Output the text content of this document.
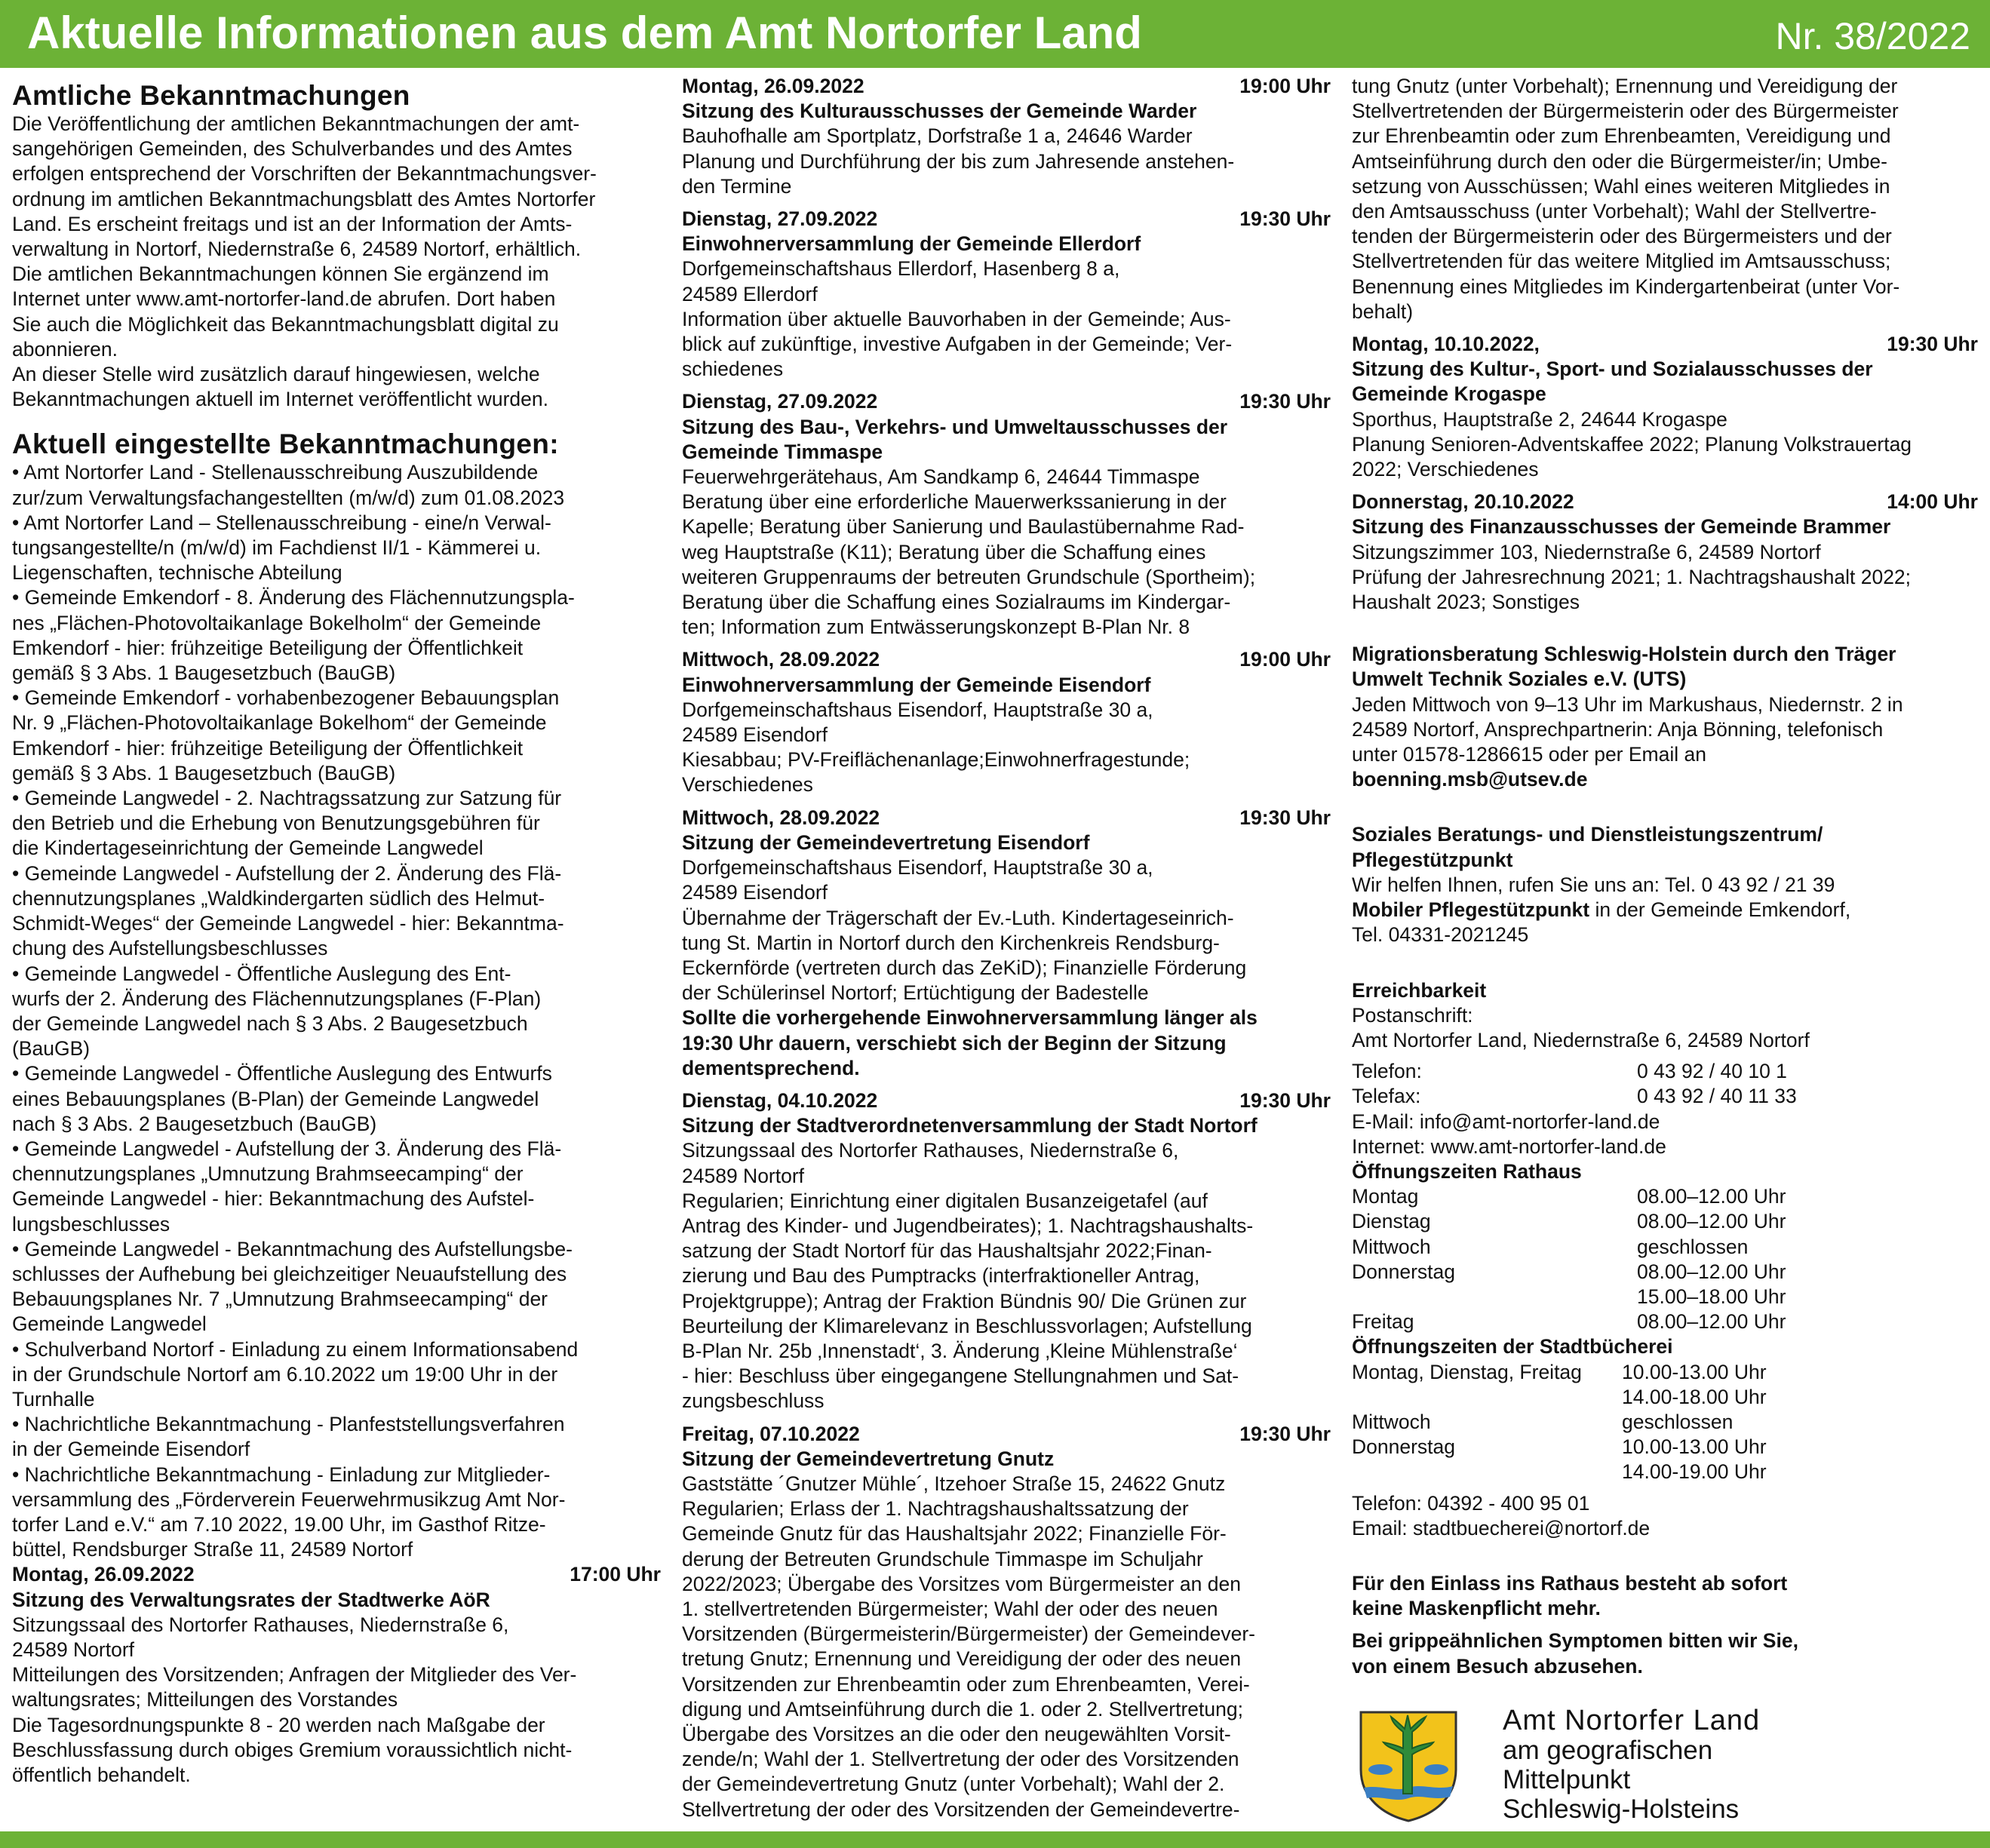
Aktuelle Informationen aus dem Amt Nortorfer Land	Nr. 38/2022
Amtliche Bekanntmachungen
Die Veröffentlichung der amtlichen Bekanntmachungen der amt-
sangehörigen Gemeinden, des Schulverbandes und des Amtes
erfolgen entsprechend der Vorschriften der Bekanntmachungsver-
ordnung im amtlichen Bekanntmachungsblatt des Amtes Nortorfer
Land. Es erscheint freitags und ist an der Information der Amts-
verwaltung in Nortorf, Niedernstraße 6, 24589 Nortorf, erhältlich.
Die amtlichen Bekanntmachungen können Sie ergänzend im
Internet unter www.amt-nortorfer-land.de abrufen. Dort haben
Sie auch die Möglichkeit das Bekanntmachungsblatt digital zu
abonnieren.
An dieser Stelle wird zusätzlich darauf hingewiesen, welche
Bekanntmachungen aktuell im Internet veröffentlicht wurden.
Aktuell eingestellte Bekanntmachungen:
• Amt Nortorfer Land - Stellenausschreibung Auszubildende
zur/zum Verwaltungsfachangestellten (m/w/d) zum 01.08.2023
• Amt Nortorfer Land – Stellenausschreibung - eine/n Verwal-
tungsangestellte/n (m/w/d) im Fachdienst II/1 - Kämmerei u.
Liegenschaften, technische Abteilung
• Gemeinde Emkendorf - 8. Änderung des Flächennutzungspla-
nes „Flächen-Photovoltaikanlage Bokelholm“ der Gemeinde
Emkendorf - hier: frühzeitige Beteiligung der Öffentlichkeit
gemäß § 3 Abs. 1 Baugesetzbuch (BauGB)
• Gemeinde Emkendorf - vorhabenbezogener Bebauungsplan
Nr. 9 „Flächen-Photovoltaikanlage Bokelhom“ der Gemeinde
Emkendorf - hier: frühzeitige Beteiligung der Öffentlichkeit
gemäß § 3 Abs. 1 Baugesetzbuch (BauGB)
• Gemeinde Langwedel - 2. Nachtragssatzung zur Satzung für
den Betrieb und die Erhebung von Benutzungsgebühren für
die Kindertageseinrichtung der Gemeinde Langwedel
• Gemeinde Langwedel - Aufstellung der 2. Änderung des Flä-
chennutzungsplanes „Waldkindergarten südlich des Helmut-
Schmidt-Weges“ der Gemeinde Langwedel - hier: Bekanntma-
chung des Aufstellungsbeschlusses
• Gemeinde Langwedel - Öffentliche Auslegung des Ent-
wurfs der 2. Änderung des Flächennutzungsplanes (F-Plan)
der Gemeinde Langwedel nach § 3 Abs. 2 Baugesetzbuch
(BauGB)
• Gemeinde Langwedel - Öffentliche Auslegung des Entwurfs
eines Bebauungsplanes (B-Plan) der Gemeinde Langwedel
nach § 3 Abs. 2 Baugesetzbuch (BauGB)
• Gemeinde Langwedel - Aufstellung der 3. Änderung des Flä-
chennutzungsplanes „Umnutzung Brahmseecamping“ der
Gemeinde Langwedel - hier: Bekanntmachung des Aufstel-
lungsbeschlusses
• Gemeinde Langwedel - Bekanntmachung des Aufstellungsbe-
schlusses der Aufhebung bei gleichzeitiger Neuaufstellung des
Bebauungsplanes Nr. 7 „Umnutzung Brahmseecamping“ der
Gemeinde Langwedel
• Schulverband Nortorf - Einladung zu einem Informationsabend
in der Grundschule Nortorf am 6.10.2022 um 19:00 Uhr in der
Turnhalle
• Nachrichtliche Bekanntmachung - Planfeststellungsverfahren
in der Gemeinde Eisendorf
• Nachrichtliche Bekanntmachung - Einladung zur Mitglieder-
versammlung des „Förderverein Feuerwehrmusikzug Amt Nor-
torfer Land e.V.“ am 7.10 2022, 19.00 Uhr, im Gasthof Ritze-
büttel, Rendsburger Straße 11, 24589 Nortorf
Montag, 26.09.2022	17:00 Uhr
Sitzung des Verwaltungsrates der Stadtwerke AöR
Sitzungssaal des Nortorfer Rathauses, Niedernstraße 6,
24589 Nortorf
Mitteilungen des Vorsitzenden; Anfragen der Mitglieder des Ver-
waltungsrates; Mitteilungen des Vorstandes
Die Tagesordnungspunkte 8 - 20 werden nach Maßgabe der
Beschlussfassung durch obiges Gremium voraussichtlich nicht-
öffentlich behandelt.
Montag, 26.09.2022	19:00 Uhr
Sitzung des Kulturausschusses der Gemeinde Warder
Bauhofhalle am Sportplatz, Dorfstraße 1 a, 24646 Warder
Planung und Durchführung der bis zum Jahresende anstehen-
den Termine
Dienstag, 27.09.2022	19:30 Uhr
Einwohnerversammlung der Gemeinde Ellerdorf
Dorfgemeinschaftshaus Ellerdorf, Hasenberg 8 a,
24589 Ellerdorf
Information über aktuelle Bauvorhaben in der Gemeinde; Aus-
blick auf zukünftige, investive Aufgaben in der Gemeinde; Ver-
schiedenes
Dienstag, 27.09.2022	19:30 Uhr
Sitzung des Bau-, Verkehrs- und Umweltausschusses der
Gemeinde Timmaspe
Feuerwehrgerätehaus, Am Sandkamp 6, 24644 Timmaspe
Beratung über eine erforderliche Mauerwerkssanierung in der
Kapelle; Beratung über Sanierung und Baulastübernahme Rad-
weg Hauptstraße (K11); Beratung über die Schaffung eines
weiteren Gruppenraums der betreuten Grundschule (Sportheim);
Beratung über die Schaffung eines Sozialraums im Kindergar-
ten; Information zum Entwässerungskonzept B-Plan Nr. 8
Mittwoch, 28.09.2022	19:00 Uhr
Einwohnerversammlung der Gemeinde Eisendorf
Dorfgemeinschaftshaus Eisendorf, Hauptstraße 30 a,
24589 Eisendorf
Kiesabbau; PV-Freiflächenanlage;Einwohnerfragestunde;
Verschiedenes
Mittwoch, 28.09.2022	19:30 Uhr
Sitzung der Gemeindevertretung Eisendorf
Dorfgemeinschaftshaus Eisendorf, Hauptstraße 30 a,
24589 Eisendorf
Übernahme der Trägerschaft der Ev.-Luth. Kindertageseinrich-
tung St. Martin in Nortorf durch den Kirchenkreis Rendsburg-
Eckernförde (vertreten durch das ZeKiD); Finanzielle Förderung
der Schülerinsel Nortorf; Ertüchtigung der Badestelle
Sollte die vorhergehende Einwohnerversammlung länger als
19:30 Uhr dauern, verschiebt sich der Beginn der Sitzung
dementsprechend.
Dienstag, 04.10.2022	19:30 Uhr
Sitzung der Stadtverordnetenversammlung der Stadt Nortorf
Sitzungssaal des Nortorfer Rathauses, Niedernstraße 6,
24589 Nortorf
Regularien; Einrichtung einer digitalen Busanzeigetafel (auf
Antrag des Kinder- und Jugendbeirates); 1. Nachtragshaushalts-
satzung der Stadt Nortorf für das Haushaltsjahr 2022;Finan-
zierung und Bau des Pumptracks (interfraktioneller Antrag,
Projektgruppe); Antrag der Fraktion Bündnis 90/ Die Grünen zur
Beurteilung der Klimarelevanz in Beschlussvorlagen; Aufstellung
B-Plan Nr. 25b ‚Innenstadt‘, 3. Änderung ‚Kleine Mühlenstraße‘
- hier: Beschluss über eingegangene Stellungnahmen und Sat-
zungsbeschluss
Freitag, 07.10.2022	19:30 Uhr
Sitzung der Gemeindevertretung Gnutz
Gaststätte ´Gnutzer Mühle´, Itzehoer Straße 15, 24622 Gnutz
Regularien; Erlass der 1. Nachtragshaushaltssatzung der
Gemeinde Gnutz für das Haushaltsjahr 2022; Finanzielle För-
derung der Betreuten Grundschule Timmaspe im Schuljahr
2022/2023; Übergabe des Vorsitzes vom Bürgermeister an den
1. stellvertretenden Bürgermeister; Wahl der oder des neuen
Vorsitzenden (Bürgermeisterin/Bürgermeister) der Gemeindever-
tretung Gnutz; Ernennung und Vereidigung der oder des neuen
Vorsitzenden zur Ehrenbeamtin oder zum Ehrenbeamten, Verei-
digung und Amtseinführung durch die 1. oder 2. Stellvertretung;
Übergabe des Vorsitzes an die oder den neugewählten Vorsit-
zende/n; Wahl der 1. Stellvertretung der oder des Vorsitzenden
der Gemeindevertretung Gnutz (unter Vorbehalt); Wahl der 2.
Stellvertretung der oder des Vorsitzenden der Gemeindevertre-
tung Gnutz (unter Vorbehalt); Ernennung und Vereidigung der
Stellvertretenden der Bürgermeisterin oder des Bürgermeister
zur Ehrenbeamtin oder zum Ehrenbeamten, Vereidigung und
Amtseinführung durch den oder die Bürgermeister/in; Umbe-
setzung von Ausschüssen; Wahl eines weiteren Mitgliedes in
den Amtsausschuss (unter Vorbehalt); Wahl der Stellvertre-
tenden der Bürgermeisterin oder des Bürgermeisters und der
Stellvertretenden für das weitere Mitglied im Amtsausschuss;
Benennung eines Mitgliedes im Kindergartenbeirat (unter Vor-
behalt)
Montag, 10.10.2022,	19:30 Uhr
Sitzung des Kultur-, Sport- und Sozialausschusses der
Gemeinde Krogaspe
Sporthus, Hauptstraße 2, 24644 Krogaspe
Planung Senioren-Adventskaffee 2022; Planung Volkstrauertag
2022; Verschiedenes
Donnerstag, 20.10.2022	14:00 Uhr
Sitzung des Finanzausschusses der Gemeinde Brammer
Sitzungszimmer 103, Niedernstraße 6, 24589 Nortorf
Prüfung der Jahresrechnung 2021; 1. Nachtragshaushalt 2022;
Haushalt 2023; Sonstiges
Migrationsberatung Schleswig-Holstein durch den Träger
Umwelt Technik Soziales e.V. (UTS)
Jeden Mittwoch von 9–13 Uhr im Markushaus, Niedernstr. 2 in
24589 Nortorf, Ansprechpartnerin: Anja Bönning, telefonisch
unter 01578-1286615 oder per Email an
boenning.msb@utsev.de
Soziales Beratungs- und Dienstleistungszentrum/
Pflegestützpunkt
Wir helfen Ihnen, rufen Sie uns an: Tel. 0 43 92 / 21 39
Mobiler Pflegestützpunkt in der Gemeinde Emkendorf,
Tel. 04331-2021245
Erreichbarkeit
Postanschrift:
Amt Nortorfer Land, Niedernstraße 6, 24589 Nortorf
Telefon:	0 43 92 / 40 10 1
Telefax:	0 43 92 / 40 11 33
E-Mail: info@amt-nortorfer-land.de
Internet: www.amt-nortorfer-land.de
Öffnungszeiten Rathaus
Montag	08.00–12.00 Uhr
Dienstag	08.00–12.00 Uhr
Mittwoch	geschlossen
Donnerstag	08.00–12.00 Uhr
15.00–18.00 Uhr
Freitag	08.00–12.00 Uhr
Öffnungszeiten der Stadtbücherei
Montag, Dienstag, Freitag	10.00-13.00 Uhr
14.00-18.00 Uhr
Mittwoch	geschlossen
Donnerstag	10.00-13.00 Uhr
14.00-19.00 Uhr
Telefon: 04392 - 400 95 01
Email: stadtbuecherei@nortorf.de
Für den Einlass ins Rathaus besteht ab sofort
keine Maskenpflicht mehr.
Bei grippeähnlichen Symptomen bitten wir Sie,
von einem Besuch abzusehen.
Amt Nortorfer Land
am geografischen
Mittelpunkt
Schleswig-Holsteins
